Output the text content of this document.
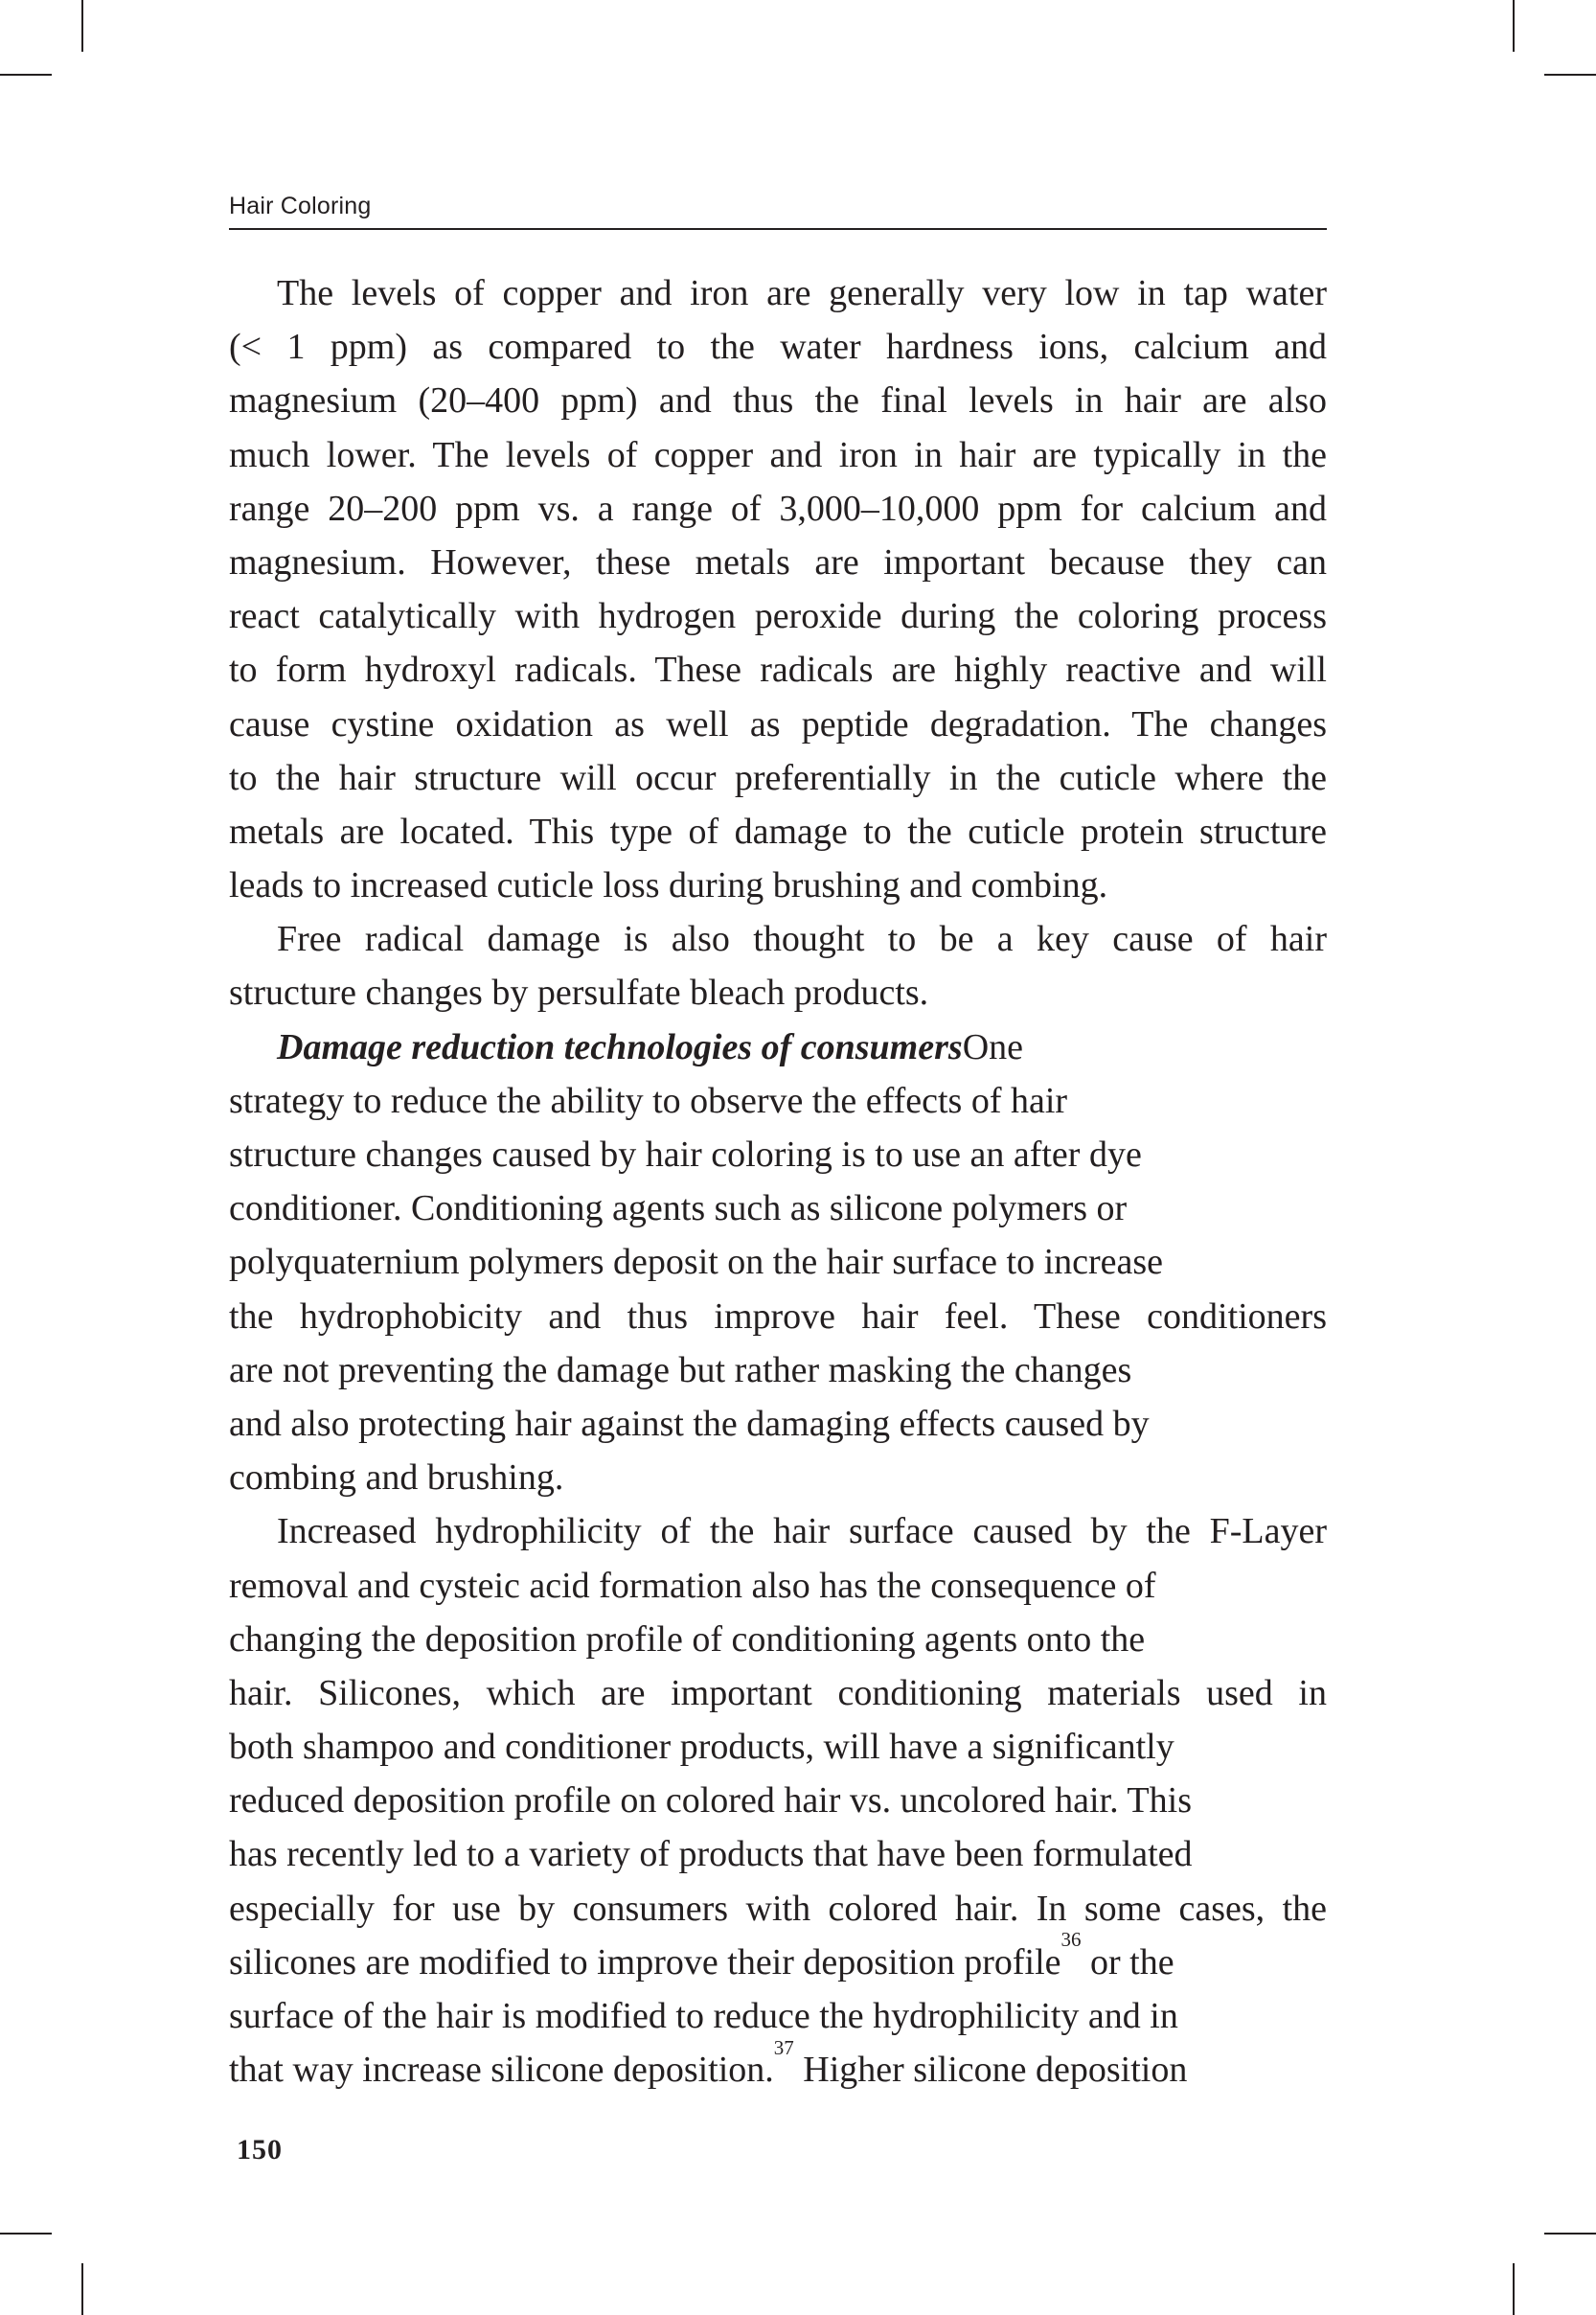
Hair Coloring
The levels of copper and iron are generally very low in tap water
(< 1 ppm) as compared to the water hardness ions, calcium and
magnesium (20–400 ppm) and thus the final levels in hair are also
much lower. The levels of copper and iron in hair are typically in the
range 20–200 ppm vs. a range of 3,000–10,000 ppm for calcium and
magnesium. However, these metals are important because they can
react catalytically with hydrogen peroxide during the coloring process
to form hydroxyl radicals. These radicals are highly reactive and will
cause cystine oxidation as well as peptide degradation. The changes
to the hair structure will occur preferentially in the cuticle where the
metals are located. This type of damage to the cuticle protein structure
leads to increased cuticle loss during brushing and combing.
Free radical damage is also thought to be a key cause of hair
structure changes by persulfate bleach products.
Damage reduction technologies of consumersOne
strategy to reduce the ability to observe the effects of hair
structure changes caused by hair coloring is to use an after dye
conditioner. Conditioning agents such as silicone polymers or
polyquaternium polymers deposit on the hair surface to increase
the hydrophobicity and thus improve hair feel. These conditioners
are not preventing the damage but rather masking the changes
and also protecting hair against the damaging effects caused by
combing and brushing.
Increased hydrophilicity of the hair surface caused by the F-Layer
removal and cysteic acid formation also has the consequence of
changing the deposition profile of conditioning agents onto the
hair. Silicones, which are important conditioning materials used in
both shampoo and conditioner products, will have a significantly
reduced deposition profile on colored hair vs. uncolored hair. This
has recently led to a variety of products that have been formulated
especially for use by consumers with colored hair. In some cases, the
silicones are modified to improve their deposition profile$^{36}$ or the
surface of the hair is modified to reduce the hydrophilicity and in
that way increase silicone deposition.$^{37}$ Higher silicone deposition
150
